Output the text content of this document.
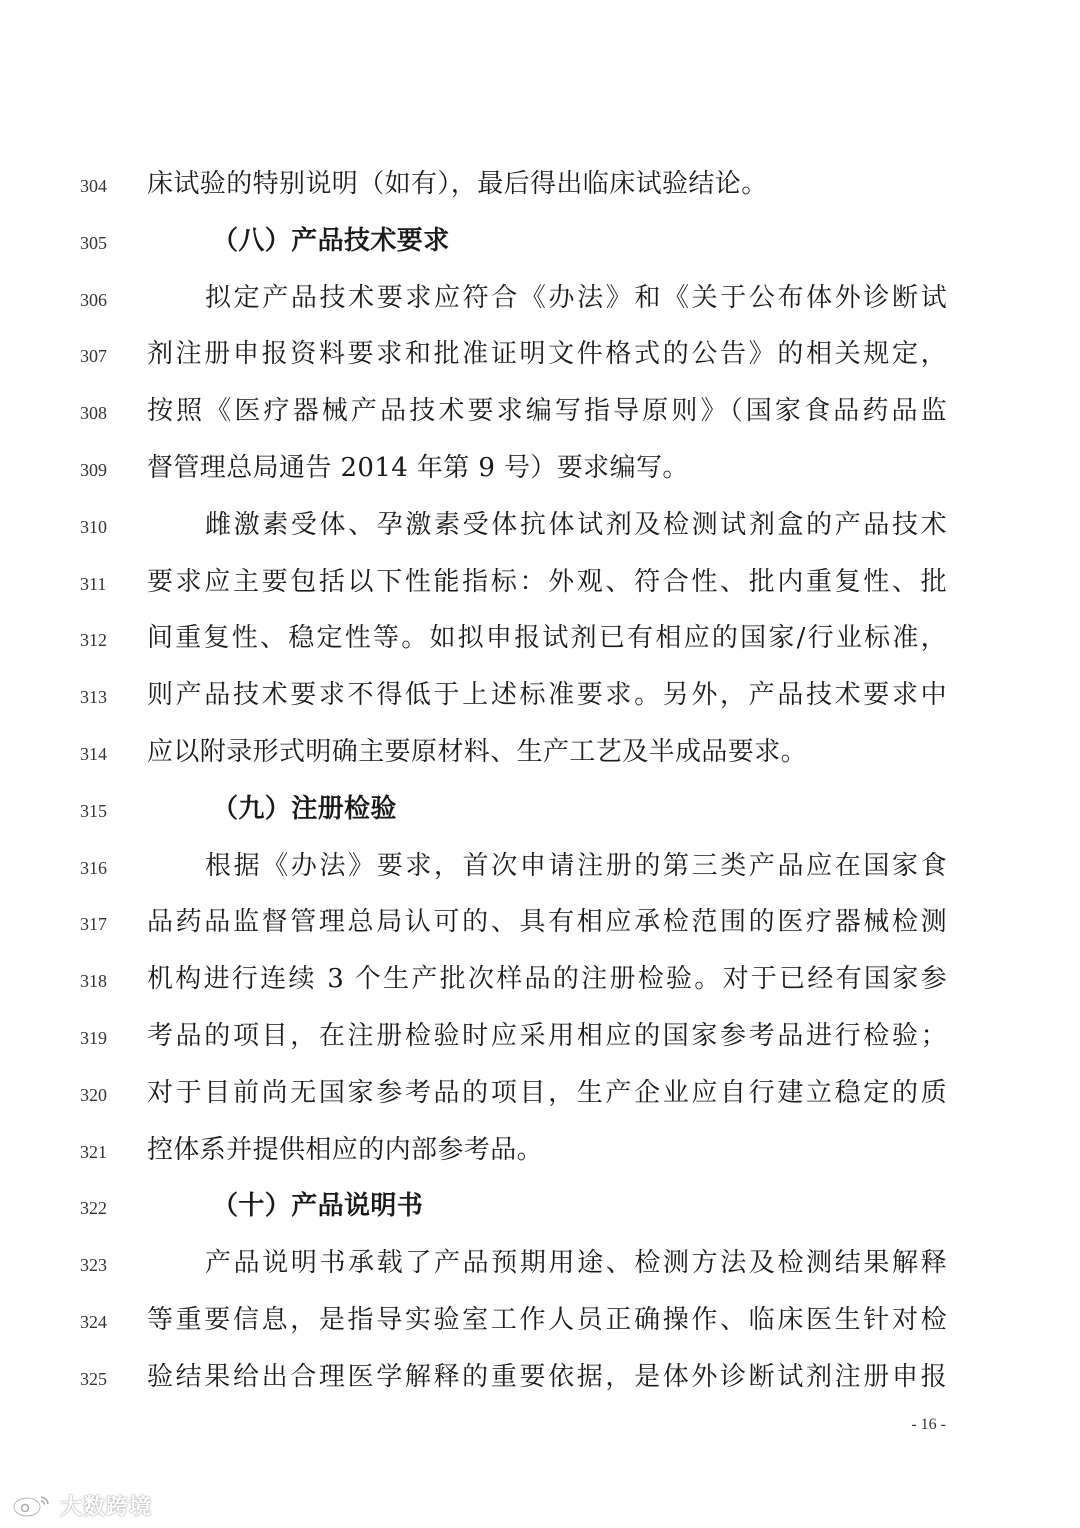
- 16 -
大数跨境
304	床试验的特别说明（如有），最后得出临床试验结论。
305	（八）产品技术要求
306	拟定产品技术要求应符合《办法》和《关于公布体外诊断试
307	剂注册申报资料要求和批准证明文件格式的公告》的相关规定，
308	按照《医疗器械产品技术要求编写指导原则》（国家食品药品监
309	督管理总局通告 2014 年第 9 号）要求编写。
310	雌激素受体、孕激素受体抗体试剂及检测试剂盒的产品技术
311	要求应主要包括以下性能指标：外观、符合性、批内重复性、批
312	间重复性、稳定性等。如拟申报试剂已有相应的国家/行业标准，
313	则产品技术要求不得低于上述标准要求。另外，产品技术要求中
314	应以附录形式明确主要原材料、生产工艺及半成品要求。
315	（九）注册检验
316	根据《办法》要求，首次申请注册的第三类产品应在国家食
317	品药品监督管理总局认可的、具有相应承检范围的医疗器械检测
318	机构进行连续 3 个生产批次样品的注册检验。对于已经有国家参
319	考品的项目，在注册检验时应采用相应的国家参考品进行检验；
320	对于目前尚无国家参考品的项目，生产企业应自行建立稳定的质
321	控体系并提供相应的内部参考品。
322	（十）产品说明书
323	产品说明书承载了产品预期用途、检测方法及检测结果解释
324	等重要信息，是指导实验室工作人员正确操作、临床医生针对检
325	验结果给出合理医学解释的重要依据，是体外诊断试剂注册申报
